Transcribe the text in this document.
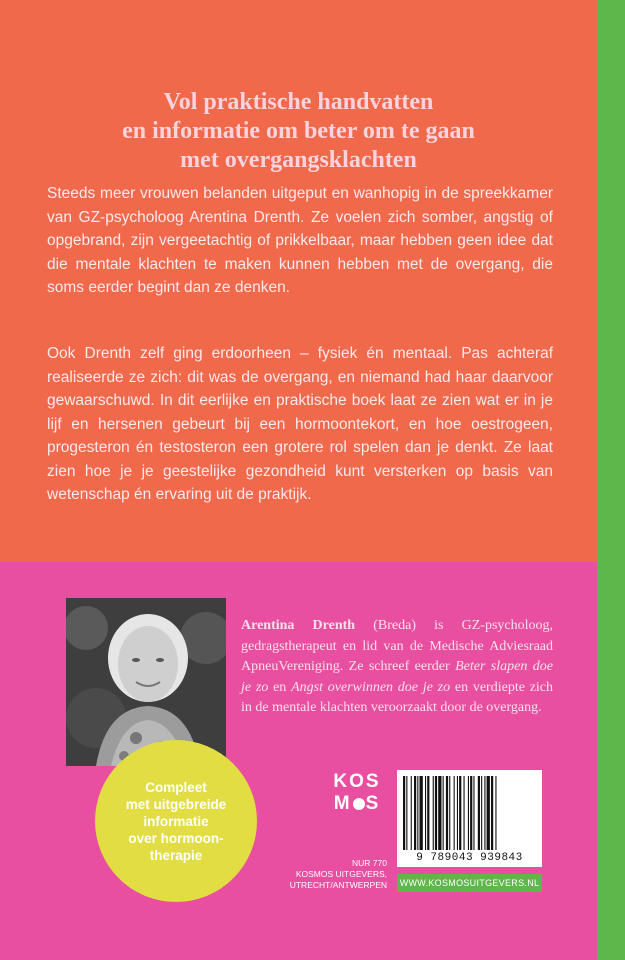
Vol praktische handvatten
en informatie om beter om te gaan
met overgangsklachten

Steeds meer vrouwen belanden uitgeput en wanhopig in de spreekkamer van GZ-psycholoog Arentina Drenth. Ze voelen zich somber, angstig of opgebrand, zijn vergeetachtig of prikkelbaar, maar hebben geen idee dat die mentale klachten te maken kunnen hebben met de overgang, die soms eerder begint dan ze denken.

Ook Drenth zelf ging erdoorheen – fysiek én mentaal. Pas achteraf realiseerde ze zich: dit was de overgang, en niemand had haar daarvoor gewaarschuwd. In dit eerlijke en praktische boek laat ze zien wat er in je lijf en hersenen gebeurt bij een hormoontekort, en hoe oestrogeen, progesteron én testosteron een grotere rol spelen dan je denkt. Ze laat zien hoe je je geestelijke gezondheid kunt versterken op basis van wetenschap én ervaring uit de praktijk.

Arentina Drenth (Breda) is GZ-psycholoog, gedragstherapeut en lid van de Medische Adviesraad ApneuVereniging. Ze schreef eerder Beter slapen doe je zo en Angst overwinnen doe je zo en verdiepte zich in de mentale klachten veroorzaakt door de overgang.

Compleet
met uitgebreide
informatie
over hormoon-
therapie
KOS
M S
NUR 770
KOSMOS UITGEVERS,
UTRECHT/ANTWERPEN
9 789043 939843
WWW.KOSMOSUITGEVERS.NL
